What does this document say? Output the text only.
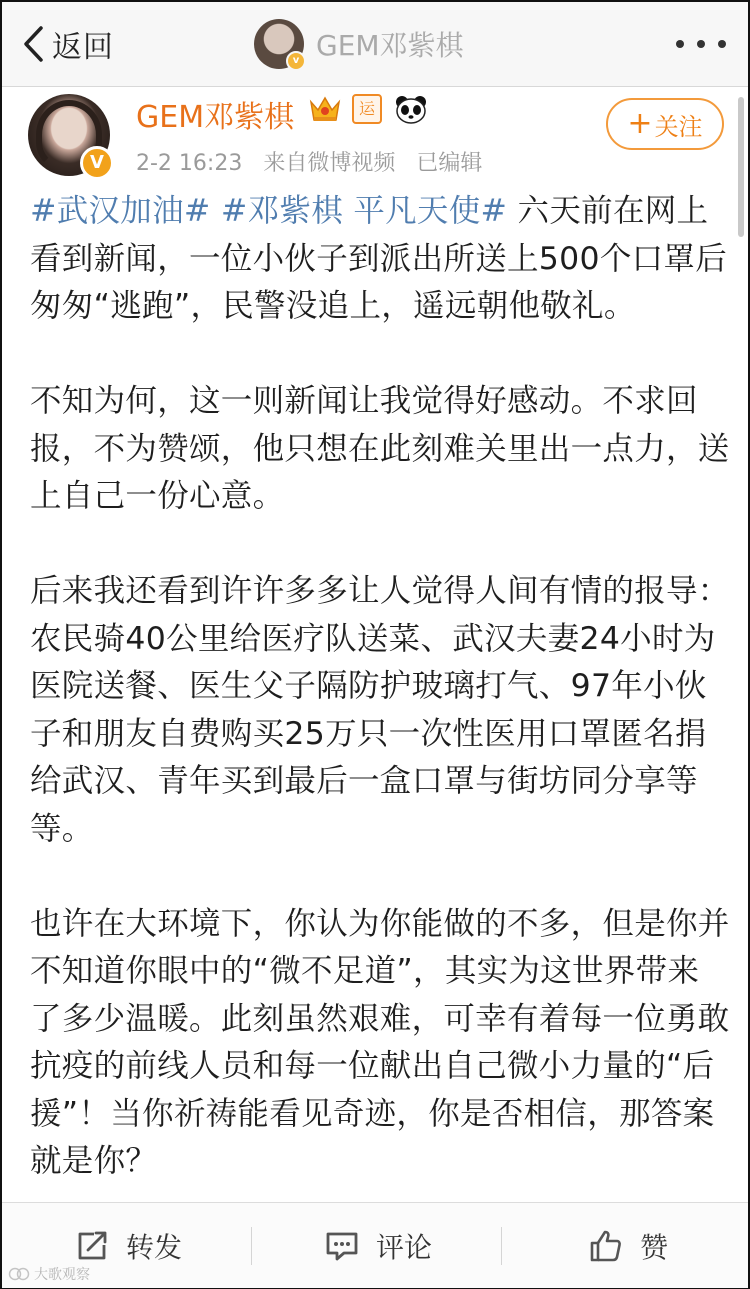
返回	v GEM邓紫棋
V
GEM邓紫棋	运
2-2 16:23 来自微博视频 已编辑
+ 关注

#武汉加油# #邓紫棋 平凡天使# 六天前在网上看到新闻，一位小伙子到派出所送上500个口罩后匆匆“逃跑”，民警没追上，遥远朝他敬礼。

不知为何，这一则新闻让我觉得好感动。不求回报，不为赞颂，他只想在此刻难关里出一点力，送上自己一份心意。

后来我还看到许许多多让人觉得人间有情的报导：农民骑40公里给医疗队送菜、武汉夫妻24小时为医院送餐、医生父子隔防护玻璃打气、97年小伙子和朋友自费购买25万只一次性医用口罩匿名捐给武汉、青年买到最后一盒口罩与街坊同分享等等。

也许在大环境下，你认为你能做的不多，但是你并不知道你眼中的“微不足道”，其实为这世界带来了多少温暖。此刻虽然艰难，可幸有着每一位勇敢抗疫的前线人员和每一位献出自己微小力量的“后援”！当你祈祷能看见奇迹，你是否相信，那答案就是你？

转发	评论	赞
大歌观察
